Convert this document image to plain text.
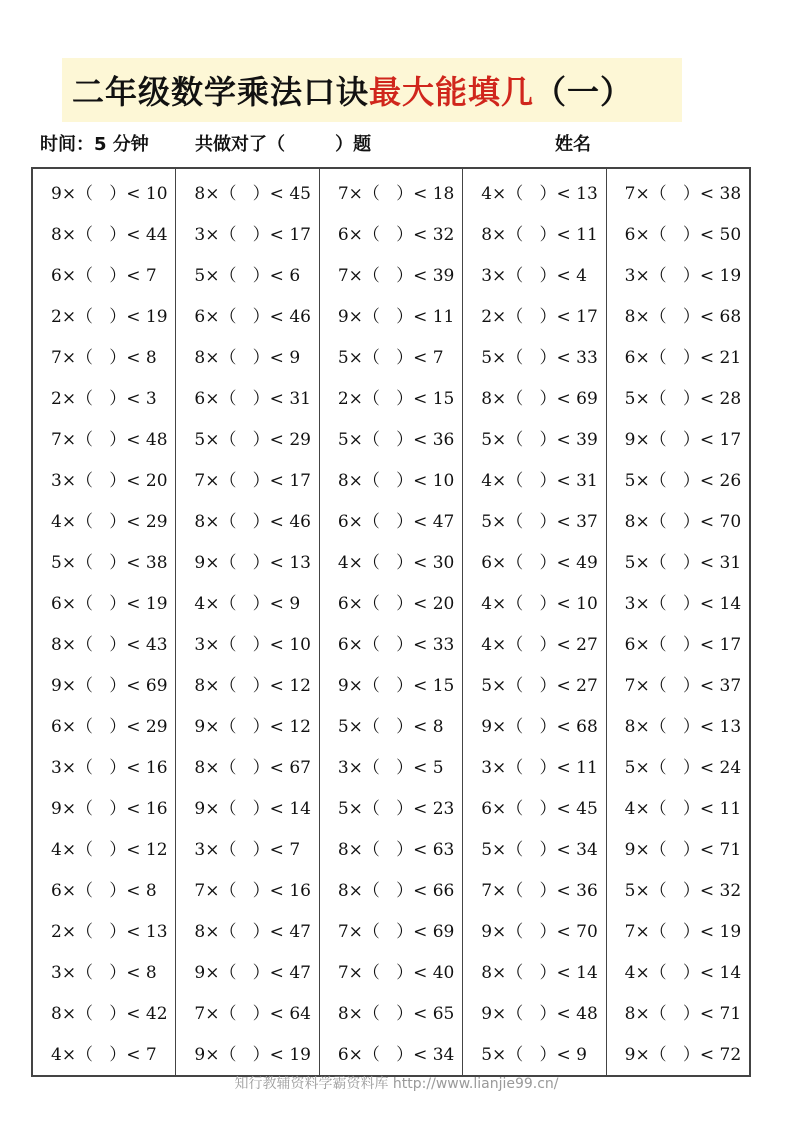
二年级数学乘法口诀 最大能填几 （一）
时间：5 分钟	共做对了（        ）题	姓名
9×（   ）< 10
8×（   ）< 44
6×（   ）< 7
2×（   ）< 19
7×（   ）< 8
2×（   ）< 3
7×（   ）< 48
3×（   ）< 20
4×（   ）< 29
5×（   ）< 38
6×（   ）< 19
8×（   ）< 43
9×（   ）< 69
6×（   ）< 29
3×（   ）< 16
9×（   ）< 16
4×（   ）< 12
6×（   ）< 8
2×（   ）< 13
3×（   ）< 8
8×（   ）< 42
4×（   ）< 7
8×（   ）< 45
3×（   ）< 17
5×（   ）< 6
6×（   ）< 46
8×（   ）< 9
6×（   ）< 31
5×（   ）< 29
7×（   ）< 17
8×（   ）< 46
9×（   ）< 13
4×（   ）< 9
3×（   ）< 10
8×（   ）< 12
9×（   ）< 12
8×（   ）< 67
9×（   ）< 14
3×（   ）< 7
7×（   ）< 16
8×（   ）< 47
9×（   ）< 47
7×（   ）< 64
9×（   ）< 19
7×（   ）< 18
6×（   ）< 32
7×（   ）< 39
9×（   ）< 11
5×（   ）< 7
2×（   ）< 15
5×（   ）< 36
8×（   ）< 10
6×（   ）< 47
4×（   ）< 30
6×（   ）< 20
6×（   ）< 33
9×（   ）< 15
5×（   ）< 8
3×（   ）< 5
5×（   ）< 23
8×（   ）< 63
8×（   ）< 66
7×（   ）< 69
7×（   ）< 40
8×（   ）< 65
6×（   ）< 34
4×（   ）< 13
8×（   ）< 11
3×（   ）< 4
2×（   ）< 17
5×（   ）< 33
8×（   ）< 69
5×（   ）< 39
4×（   ）< 31
5×（   ）< 37
6×（   ）< 49
4×（   ）< 10
4×（   ）< 27
5×（   ）< 27
9×（   ）< 68
3×（   ）< 11
6×（   ）< 45
5×（   ）< 34
7×（   ）< 36
9×（   ）< 70
8×（   ）< 14
9×（   ）< 48
5×（   ）< 9
7×（   ）< 38
6×（   ）< 50
3×（   ）< 19
8×（   ）< 68
6×（   ）< 21
5×（   ）< 28
9×（   ）< 17
5×（   ）< 26
8×（   ）< 70
5×（   ）< 31
3×（   ）< 14
6×（   ）< 17
7×（   ）< 37
8×（   ）< 13
5×（   ）< 24
4×（   ）< 11
9×（   ）< 71
5×（   ）< 32
7×（   ）< 19
4×（   ）< 14
8×（   ）< 71
9×（   ）< 72
知行教辅资料学霸资料库 http://www.lianjie99.cn/
